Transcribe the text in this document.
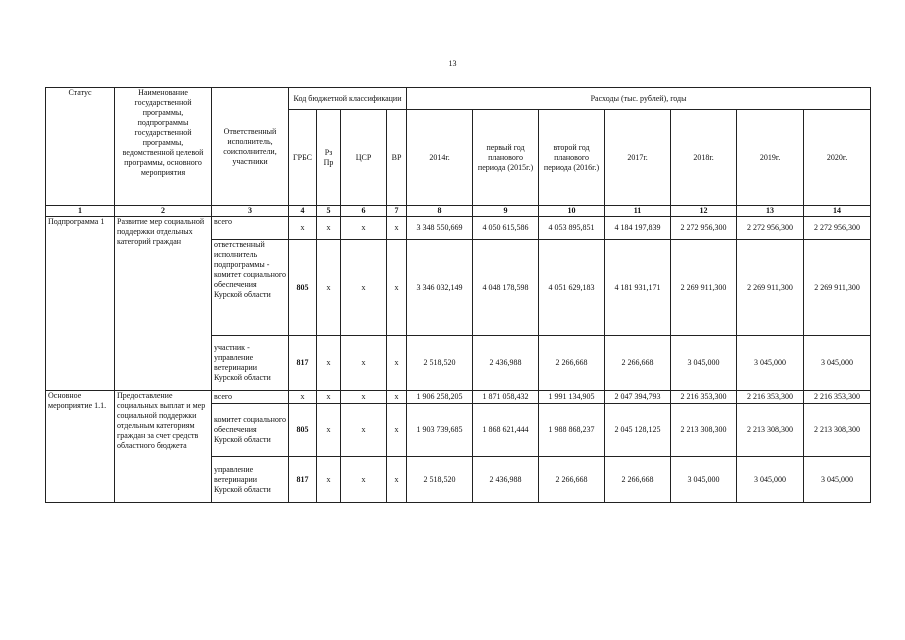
13
Статус	Наименование государственной программы, подпрограммы государственной программы, ведомственной целевой программы, основного мероприятия	Ответственный исполнитель, соисполнители, участники	Код бюджетной классификации				Расходы (тыс. рублей), годы						
			ГРБС	Рз Пр	ЦСР	ВР	2014г.	первый год планового периода (2015г.)	второй год планового периода (2016г.)	2017г.	2018г.	2019г.	2020г.
1	2	3	4	5	6	7	8	9	10	11	12	13	14
Подпрограмма 1	Развитие мер социальной поддержки отдельных категорий граждан	всего	x	x	x	x	3 348 550,669	4 050 615,586	4 053 895,851	4 184 197,839	2 272 956,300	2 272 956,300	2 272 956,300
		ответственный исполнитель подпрограммы - комитет социального обеспечения Курской области	805	x	x	x	3 346 032,149	4 048 178,598	4 051 629,183	4 181 931,171	2 269 911,300	2 269 911,300	2 269 911,300
		участник - управление ветеринарии Курской области	817	x	x	x	2 518,520	2 436,988	2 266,668	2 266,668	3 045,000	3 045,000	3 045,000
Основное мероприятие 1.1.	Предоставление социальных выплат и мер социальной поддержки отдельным категориям граждан за счет средств областного бюджета	всего	x	x	x	x	1 906 258,205	1 871 058,432	1 991 134,905	2 047 394,793	2 216 353,300	2 216 353,300	2 216 353,300
		комитет социального обеспечения Курской области	805	x	x	x	1 903 739,685	1 868 621,444	1 988 868,237	2 045 128,125	2 213 308,300	2 213 308,300	2 213 308,300
		управление ветеринарии Курской области	817	x	x	x	2 518,520	2 436,988	2 266,668	2 266,668	3 045,000	3 045,000	3 045,000
